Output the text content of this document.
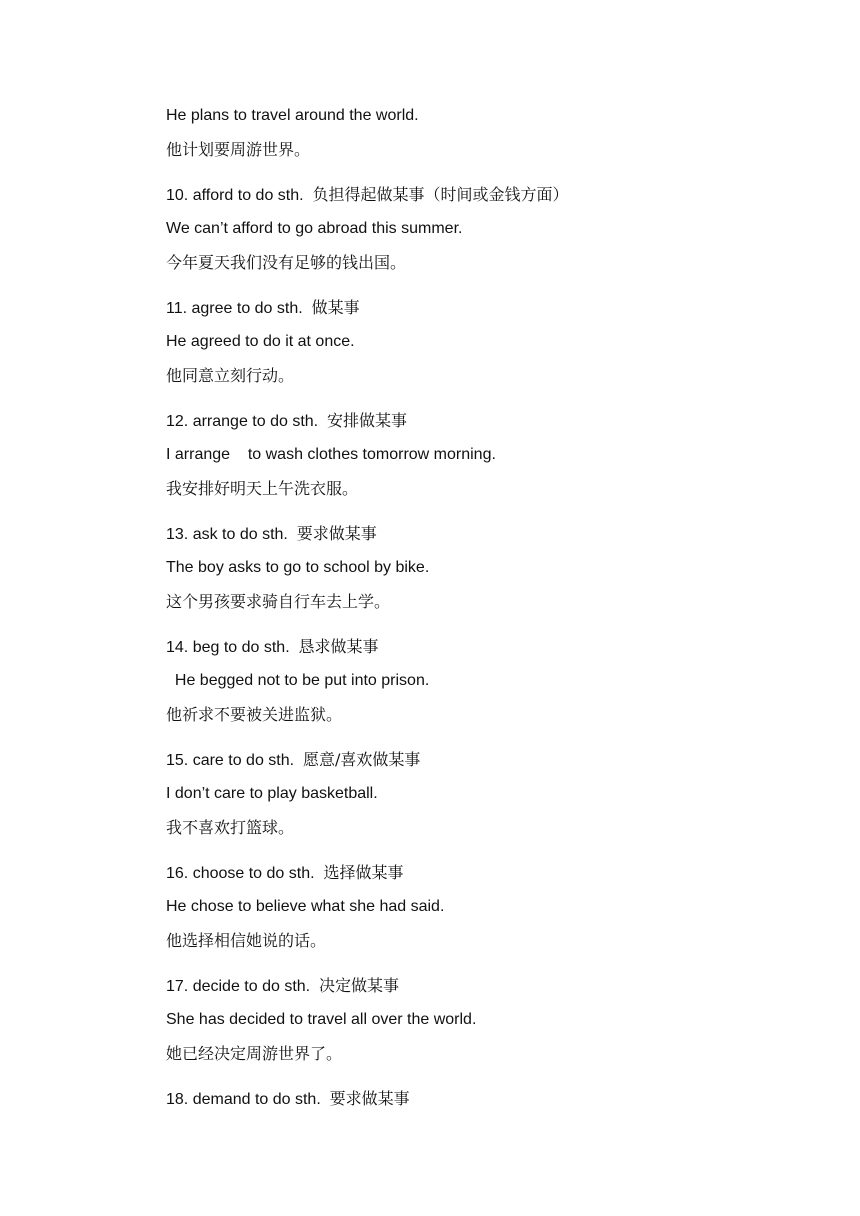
He plans to travel around the world.
他计划要周游世界。
10. afford to do sth. 负担得起做某事（时间或金钱方面）
We can’t afford to go abroad this summer.
今年夏天我们没有足够的钱出国。
11. agree to do sth. 做某事
He agreed to do it at once.
他同意立刻行动。
12. arrange to do sth. 安排做某事
I arrange    to wash clothes tomorrow morning.
我安排好明天上午洗衣服。
13. ask to do sth. 要求做某事
The boy asks to go to school by bike.
这个男孩要求骑自行车去上学。
14. beg to do sth. 恳求做某事
He begged not to be put into prison.
他祈求不要被关进监狱。
15. care to do sth. 愿意/喜欢做某事
I don’t care to play basketball.
我不喜欢打篮球。
16. choose to do sth. 选择做某事
He chose to believe what she had said.
他选择相信她说的话。
17. decide to do sth. 决定做某事
She has decided to travel all over the world.
她已经决定周游世界了。
18. demand to do sth. 要求做某事
